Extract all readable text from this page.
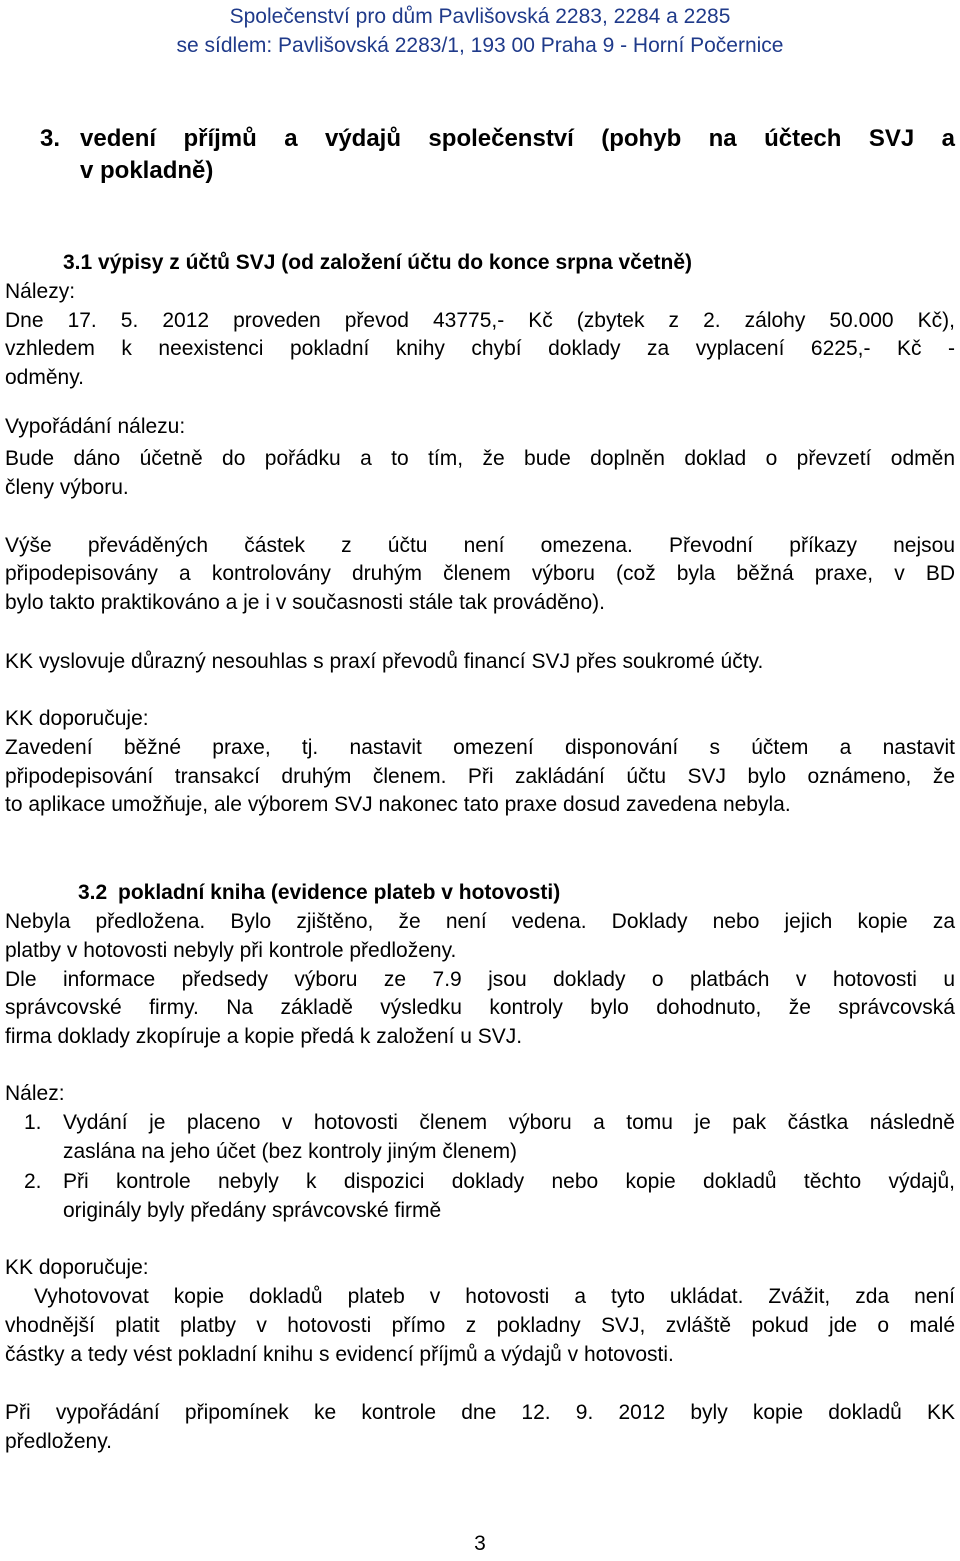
Společenství pro dům Pavlišovská 2283, 2284 a 2285
se sídlem: Pavlišovská 2283/1, 193 00 Praha 9 - Horní Počernice
3. vedení příjmů a výdajů společenství (pohyb na účtech SVJ a
v pokladně)
3.1 výpisy z účtů SVJ (od založení účtu do konce srpna včetně)
Nálezy:
Dne 17. 5. 2012 proveden převod 43775,- Kč (zbytek z 2. zálohy 50.000 Kč),
vzhledem k neexistenci pokladní knihy chybí doklady za vyplacení 6225,- Kč -
odměny.
Vypořádání nálezu:
Bude dáno účetně do pořádku a to tím, že bude doplněn doklad o převzetí odměn
členy výboru.
Výše převáděných částek z účtu není omezena. Převodní příkazy nejsou
připodepisovány a kontrolovány druhým členem výboru (což byla běžná praxe, v BD
bylo takto praktikováno a je i v současnosti stále tak prováděno).
KK vyslovuje důrazný nesouhlas s praxí převodů financí SVJ přes soukromé účty.
KK doporučuje:
Zavedení běžné praxe, tj. nastavit omezení disponování s účtem a nastavit
připodepisování transakcí druhým členem. Při zakládání účtu SVJ bylo oznámeno, že
to aplikace umožňuje, ale výborem SVJ nakonec tato praxe dosud zavedena nebyla.
3.2 pokladní kniha (evidence plateb v hotovosti)
Nebyla předložena. Bylo zjištěno, že není vedena. Doklady nebo jejich kopie za
platby v hotovosti nebyly při kontrole předloženy.
Dle informace předsedy výboru ze 7.9 jsou doklady o platbách v hotovosti u
správcovské firmy. Na základě výsledku kontroly bylo dohodnuto, že správcovská
firma doklady zkopíruje a kopie předá k založení u SVJ.
Nález:
1. Vydání je placeno v hotovosti členem výboru a tomu je pak částka následně
zaslána na jeho účet (bez kontroly jiným členem)
2. Při kontrole nebyly k dispozici doklady nebo kopie dokladů těchto výdajů,
originály byly předány správcovské firmě
KK doporučuje:
Vyhotovovat kopie dokladů plateb v hotovosti a tyto ukládat. Zvážit, zda není
vhodnější platit platby v hotovosti přímo z pokladny SVJ, zvláště pokud jde o malé
částky a tedy vést pokladní knihu s evidencí příjmů a výdajů v hotovosti.
Při vypořádání připomínek ke kontrole dne 12. 9. 2012 byly kopie dokladů KK
předloženy.
3
